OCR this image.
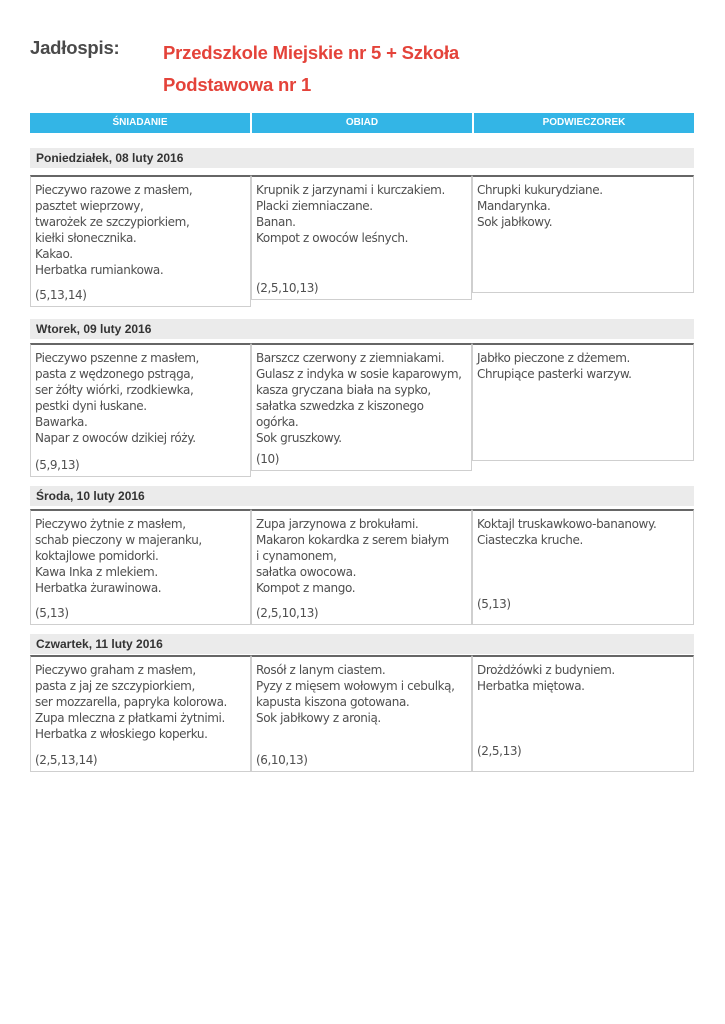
Jadłospis: Przedszkole Miejskie nr 5 + Szkoła Podstawowa nr 1
ŚNIADANIE	OBIAD	PODWIECZOREK
Poniedziałek, 08 luty 2016
Pieczywo razowe z masłem,
pasztet wieprzowy,
twarożek ze szczypiorkiem,
kiełki słonecznika.
Kakao.
Herbatka rumiankowa.
(5,13,14)
Krupnik z jarzynami i kurczakiem.
Placki ziemniaczane.
Banan.
Kompot z owoców leśnych.
(2,5,10,13)
Chrupki kukurydziane.
Mandarynka.
Sok jabłkowy.
Wtorek, 09 luty 2016
Pieczywo pszenne z masłem,
pasta z wędzonego pstrąga,
ser żółty wiórki, rzodkiewka,
pestki dyni łuskane.
Bawarka.
Napar z owoców dzikiej róży.
(5,9,13)
Barszcz czerwony z ziemniakami.
Gulasz z indyka w sosie kaparowym,
kasza gryczana biała na sypko,
sałatka szwedzka z kiszonego ogórka.
Sok gruszkowy.
(10)
Jabłko pieczone z dżemem.
Chrupiące pasterki warzyw.
Środa, 10 luty 2016
Pieczywo żytnie z masłem,
schab pieczony w majeranku,
koktajlowe pomidorki.
Kawa Inka z mlekiem.
Herbatka żurawinowa.
(5,13)
Zupa jarzynowa z brokułami.
Makaron kokardka z serem białym
i cynamonem,
sałatka owocowa.
Kompot z mango.
(2,5,10,13)
Koktajl truskawkowo-bananowy.
Ciasteczka kruche.
(5,13)
Czwartek, 11 luty 2016
Pieczywo graham z masłem,
pasta z jaj ze szczypiorkiem,
ser mozzarella, papryka kolorowa.
Zupa mleczna z płatkami żytnimi.
Herbatka z włoskiego koperku.
(2,5,13,14)
Rosół z lanym ciastem.
Pyzy z mięsem wołowym i cebulką,
kapusta kiszona gotowana.
Sok jabłkowy z aronią.
(6,10,13)
Drożdżówki z budyniem.
Herbatka miętowa.
(2,5,13)
